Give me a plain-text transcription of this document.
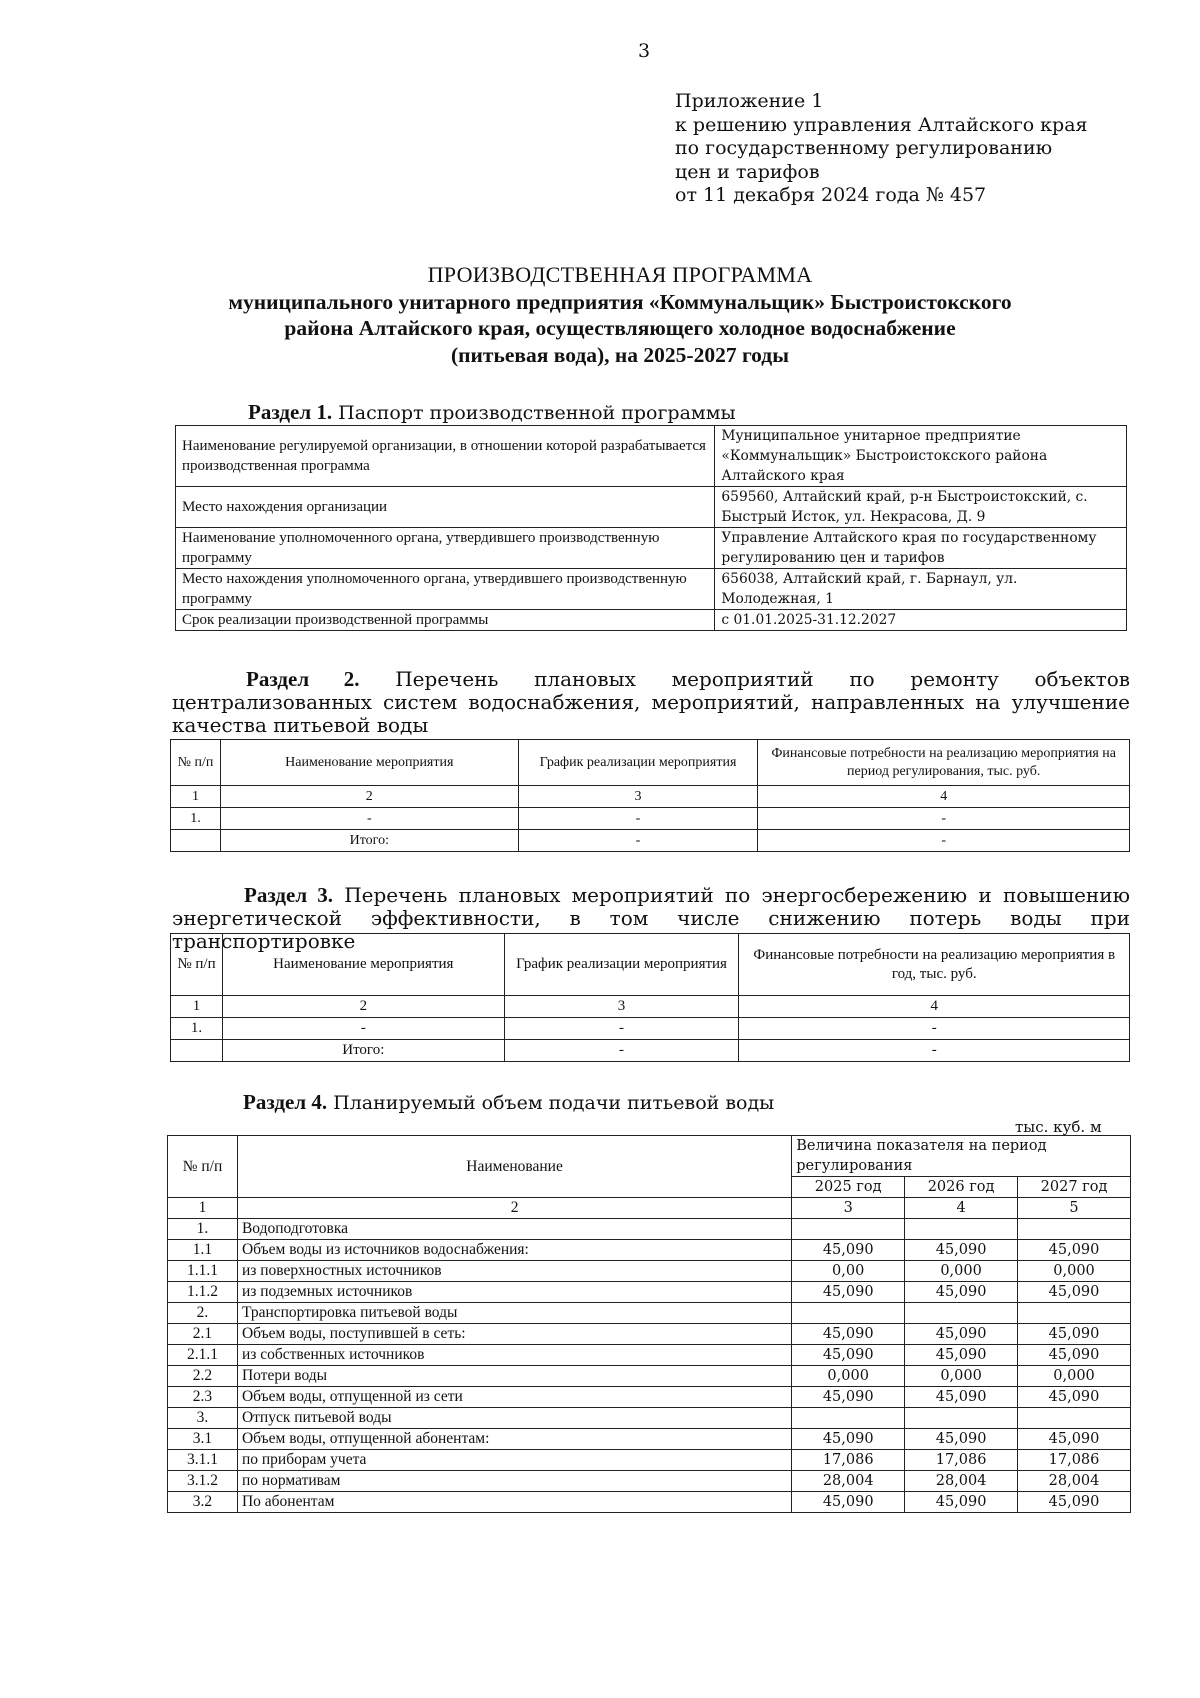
3
Приложение 1
к решению управления Алтайского края
по государственному регулированию
цен и тарифов
от 11 декабря 2024 года № 457
ПРОИЗВОДСТВЕННАЯ ПРОГРАММА
муниципального унитарного предприятия «Коммунальщик» Быстроистокского
района Алтайского края, осуществляющего холодное водоснабжение
(питьевая вода), на 2025-2027 годы
Раздел 1. Паспорт производственной программы
Наименование регулируемой организации, в отношении которой разрабатывается производственная программа	Муниципальное унитарное предприятие «Коммунальщик» Быстроистокского района Алтайского края
Место нахождения организации	659560, Алтайский край, р-н Быстроистокский, с. Быстрый Исток, ул. Некрасова, Д. 9
Наименование уполномоченного органа, утвердившего производственную программу	Управление Алтайского края по государственному регулированию цен и тарифов
Место нахождения уполномоченного органа, утвердившего производственную программу	656038, Алтайский край, г. Барнаул, ул. Молодежная, 1
Срок реализации производственной программы	с 01.01.2025-31.12.2027
Раздел 2. Перечень плановых мероприятий по ремонту объектов централизованных систем водоснабжения, мероприятий, направленных на улучшение качества питьевой воды
№ п/п	Наименование мероприятия	График реализации мероприятия	Финансовые потребности на реализацию мероприятия на период регулирования, тыс. руб.
1	2	3	4
1.	-	-	-
	Итого:	-	-
Раздел 3. Перечень плановых мероприятий по энергосбережению и повышению энергетической эффективности, в том числе снижению потерь воды при транспортировке
№ п/п	Наименование мероприятия	График реализации мероприятия	Финансовые потребности на реализацию мероприятия в год, тыс. руб.
1	2	3	4
1.	-	-	-
	Итого:	-	-
Раздел 4. Планируемый объем подачи питьевой воды
тыс. куб. м
№ п/п	Наименование	Величина показателя на период регулирования		
		2025 год	2026 год	2027 год
1	2	3	4	5
1.	Водоподготовка			
1.1	Объем воды из источников водоснабжения:	45,090	45,090	45,090
1.1.1	из поверхностных источников	0,00	0,000	0,000
1.1.2	из подземных источников	45,090	45,090	45,090
2.	Транспортировка питьевой воды			
2.1	Объем воды, поступившей в сеть:	45,090	45,090	45,090
2.1.1	из собственных источников	45,090	45,090	45,090
2.2	Потери воды	0,000	0,000	0,000
2.3	Объем воды, отпущенной из сети	45,090	45,090	45,090
3.	Отпуск питьевой воды			
3.1	Объем воды, отпущенной абонентам:	45,090	45,090	45,090
3.1.1	по приборам учета	17,086	17,086	17,086
3.1.2	по нормативам	28,004	28,004	28,004
3.2	По абонентам	45,090	45,090	45,090
